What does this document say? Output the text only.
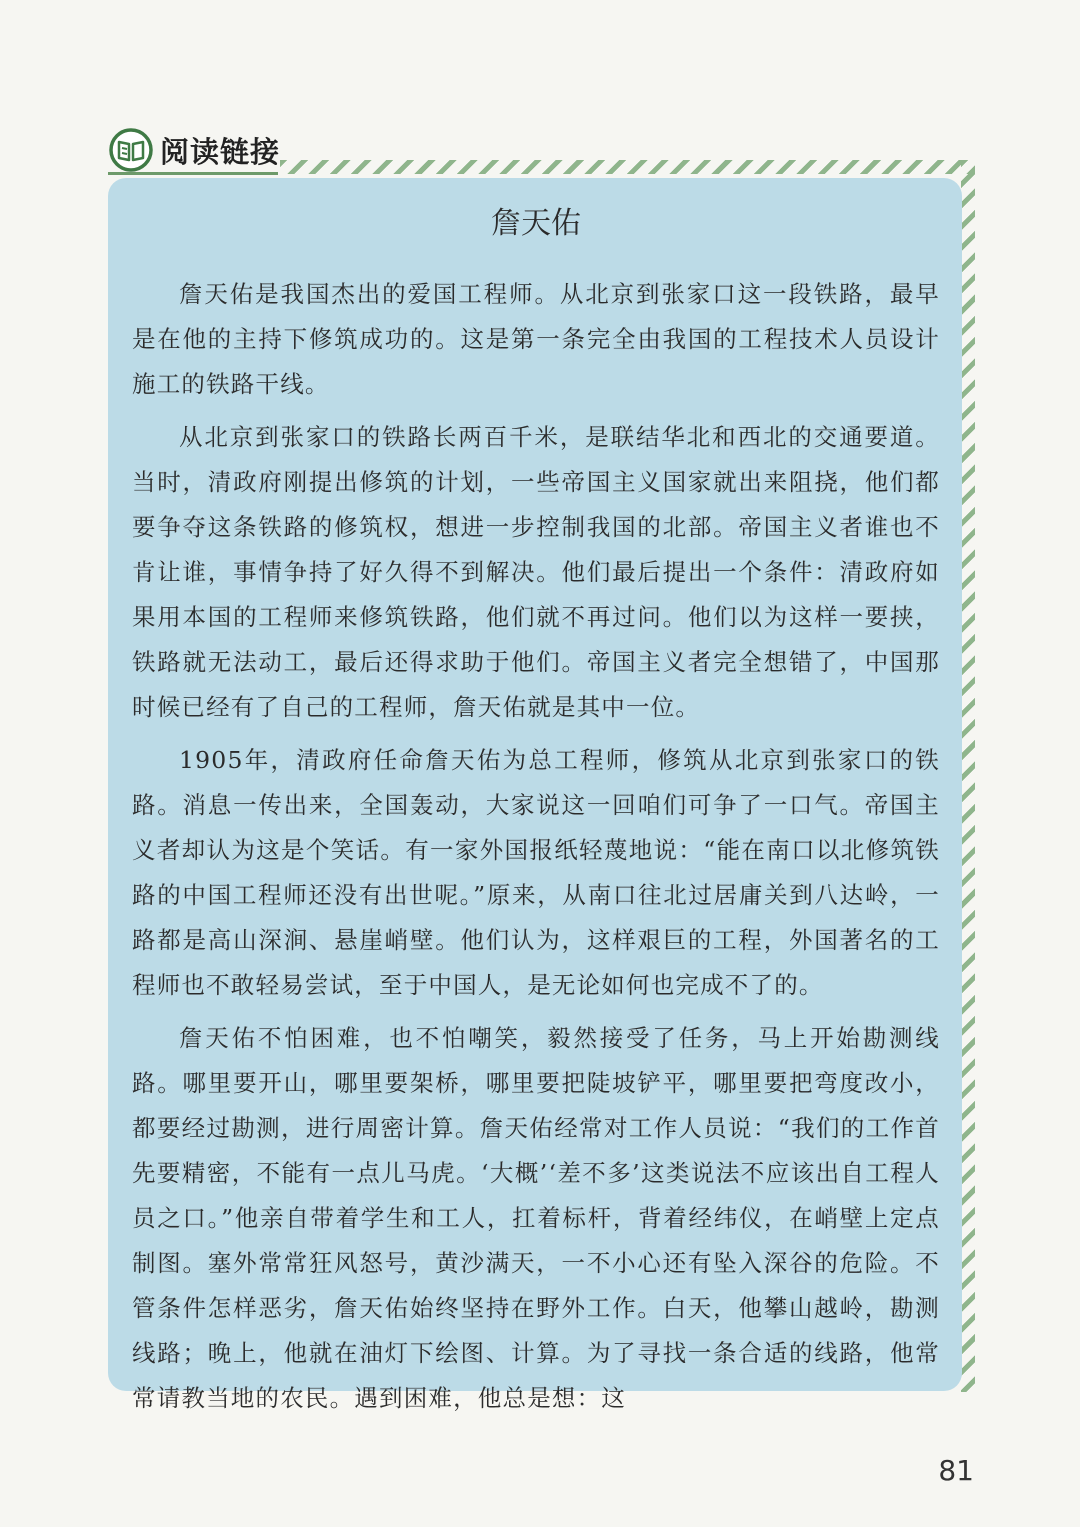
阅读链接
詹天佑

詹天佑是我国杰出的爱国工程师。从北京到张家口这一段铁路，最早是在他的主持下修筑成功的。这是第一条完全由我国的工程技术人员设计施工的铁路干线。

从北京到张家口的铁路长两百千米，是联结华北和西北的交通要道。当时，清政府刚提出修筑的计划，一些帝国主义国家就出来阻挠，他们都要争夺这条铁路的修筑权，想进一步控制我国的北部。帝国主义者谁也不肯让谁，事情争持了好久得不到解决。他们最后提出一个条件：清政府如果用本国的工程师来修筑铁路，他们就不再过问。他们以为这样一要挟，铁路就无法动工，最后还得求助于他们。帝国主义者完全想错了，中国那时候已经有了自己的工程师，詹天佑就是其中一位。

1905年，清政府任命詹天佑为总工程师，修筑从北京到张家口的铁路。消息一传出来，全国轰动，大家说这一回咱们可争了一口气。帝国主义者却认为这是个笑话。有一家外国报纸轻蔑地说：“能在南口以北修筑铁路的中国工程师还没有出世呢。”原来，从南口往北过居庸关到八达岭，一路都是高山深涧、悬崖峭壁。他们认为，这样艰巨的工程，外国著名的工程师也不敢轻易尝试，至于中国人，是无论如何也完成不了的。

詹天佑不怕困难，也不怕嘲笑，毅然接受了任务，马上开始勘测线路。哪里要开山，哪里要架桥，哪里要把陡坡铲平，哪里要把弯度改小，都要经过勘测，进行周密计算。詹天佑经常对工作人员说：“我们的工作首先要精密，不能有一点儿马虎。‘大概’‘差不多’这类说法不应该出自工程人员之口。”他亲自带着学生和工人，扛着标杆，背着经纬仪，在峭壁上定点制图。塞外常常狂风怒号，黄沙满天，一不小心还有坠入深谷的危险。不管条件怎样恶劣，詹天佑始终坚持在野外工作。白天，他攀山越岭，勘测线路；晚上，他就在油灯下绘图、计算。为了寻找一条合适的线路，他常常请教当地的农民。遇到困难，他总是想：这

81
